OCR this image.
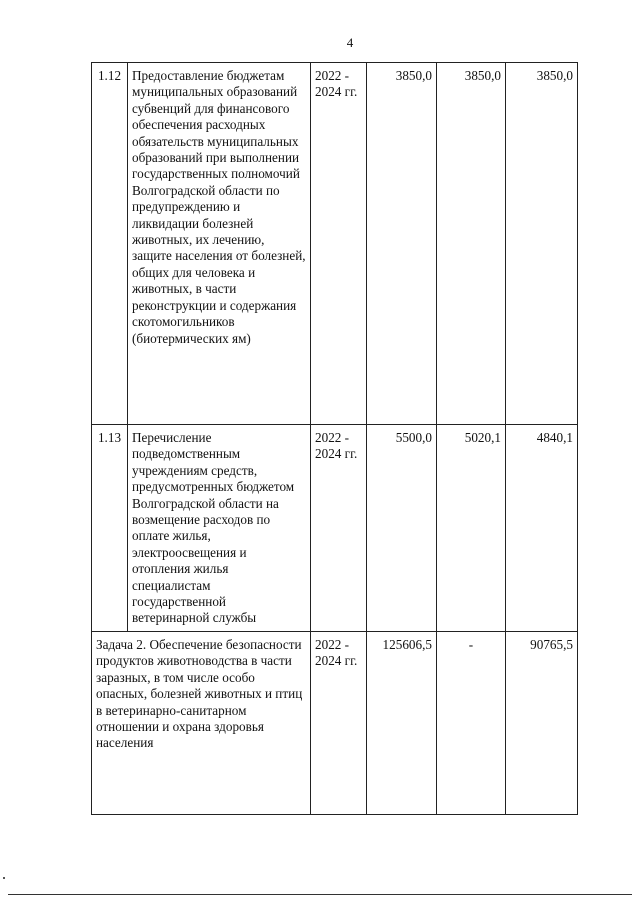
4
1.12	Предоставление бюджетам муниципальных образований субвенций для финансового обеспечения расходных обязательств муниципальных образований при выполнении государственных полномочий Волгоградской области по предупреждению и ликвидации болезней животных, их лечению, защите населения от болезней, общих для человека и животных, в части реконструкции и содержания скотомогильников (биотермических ям)	2022 - 2024 гг.	3850,0	3850,0	3850,0
1.13	Перечисление подведомственным учреждениям средств, предусмотренных бюджетом Волгоградской области на возмещение расходов по оплате жилья, электроосвещения и отопления жилья специалистам государственной ветеринарной службы	2022 - 2024 гг.	5500,0	5020,1	4840,1
Задача 2. Обеспечение безопасности продуктов животноводства в части заразных, в том числе особо опасных, болезней животных и птиц в ветеринарно-санитарном отношении и охрана здоровья населения		2022 - 2024 гг.	125606,5	-	90765,5
